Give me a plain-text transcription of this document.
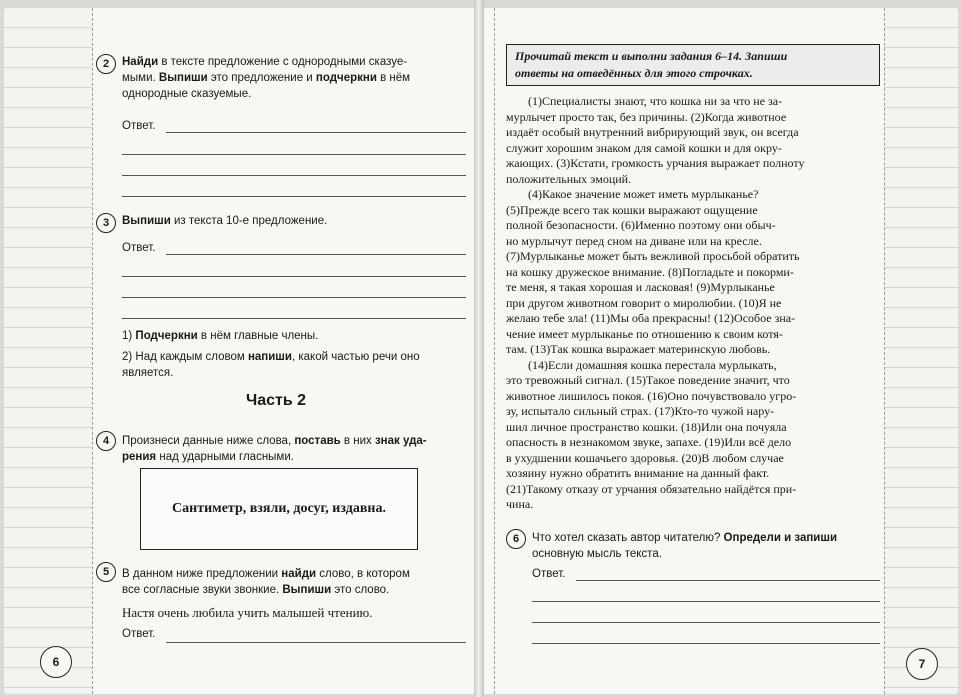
2	Найди в тексте предложение с однородными сказуе-
мыми. Выпиши это предложение и подчеркни в нём
однородные сказуемые.
Ответ.
3	Выпиши из текста 10-е предложение.
Ответ.
1) Подчеркни в нём главные члены.
2) Над каждым словом напиши, какой частью речи оно
является.
Часть 2
4	Произнеси данные ниже слова, поставь в них знак уда-
рения над ударными гласными.
Сантиметр, взяли, досуг, издавна.
5	В данном ниже предложении найди слово, в котором
все согласные звуки звонкие. Выпиши это слово.
Настя очень любила учить малышей чтению.
Ответ.
6
Прочитай текст и выполни задания 6–14. Запиши
ответы на отведённых для этого строчках.
(1)Специалисты знают, что кошка ни за что не за-
мурлычет просто так, без причины. (2)Когда животное
издаёт особый внутренний вибрирующий звук, он всегда
служит хорошим знаком для самой кошки и для окру-
жающих. (3)Кстати, громкость урчания выражает полноту
положительных эмоций.
(4)Какое значение может иметь мурлыканье?
(5)Прежде всего так кошки выражают ощущение
полной безопасности. (6)Именно поэтому они обыч-
но мурлычут перед сном на диване или на кресле.
(7)Мурлыканье может быть вежливой просьбой обратить
на кошку дружеское внимание. (8)Погладьте и покорми-
те меня, я такая хорошая и ласковая! (9)Мурлыканье
при другом животном говорит о миролюбии. (10)Я не
желаю тебе зла! (11)Мы оба прекрасны! (12)Особое зна-
чение имеет мурлыканье по отношению к своим котя-
там. (13)Так кошка выражает материнскую любовь.
(14)Если домашняя кошка перестала мурлыкать,
это тревожный сигнал. (15)Такое поведение значит, что
животное лишилось покоя. (16)Оно почувствовало угро-
зу, испытало сильный страх. (17)Кто-то чужой нару-
шил личное пространство кошки. (18)Или она почуяла
опасность в незнакомом звуке, запахе. (19)Или всё дело
в ухудшении кошачьего здоровья. (20)В любом случае
хозяину нужно обратить внимание на данный факт.
(21)Такому отказу от урчания обязательно найдётся при-
чина.
6	Что хотел сказать автор читателю? Определи и запиши
основную мысль текста.
Ответ.
7
